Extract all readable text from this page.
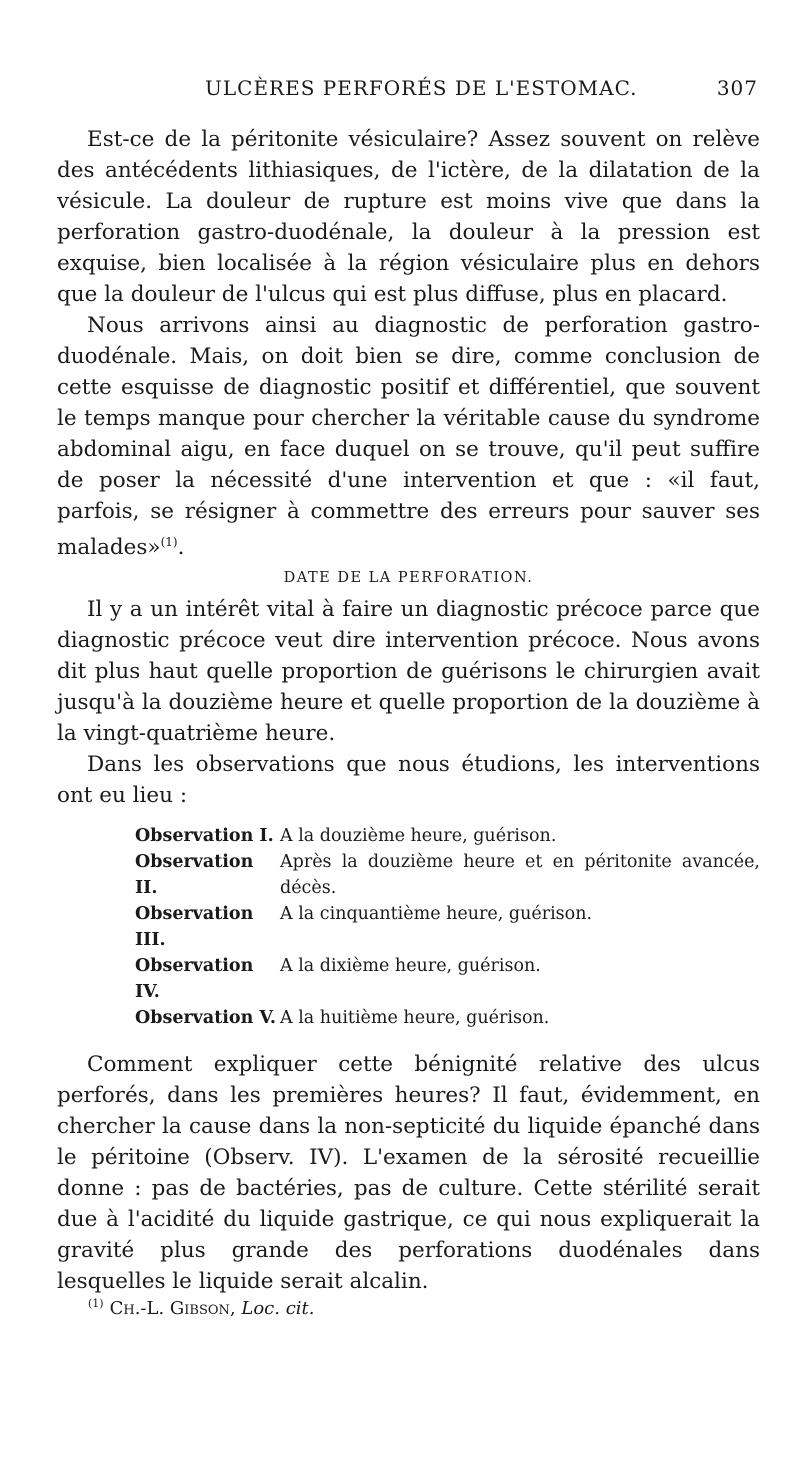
ULCÈRES PERFORÉS DE L'ESTOMAC.	307

Est-ce de la péritonite vésiculaire? Assez souvent on relève des antécédents lithiasiques, de l'ictère, de la dilatation de la vésicule. La douleur de rupture est moins vive que dans la perforation gastro-duodénale, la douleur à la pression est exquise, bien localisée à la région vésiculaire plus en dehors que la douleur de l'ulcus qui est plus diffuse, plus en placard.

Nous arrivons ainsi au diagnostic de perforation gastro-duodénale. Mais, on doit bien se dire, comme conclusion de cette esquisse de diagnostic positif et différentiel, que souvent le temps manque pour chercher la véritable cause du syndrome abdominal aigu, en face duquel on se trouve, qu'il peut suffire de poser la nécessité d'une intervention et que : «il faut, parfois, se résigner à commettre des erreurs pour sauver ses malades»$^{(1)}$.

DATE DE LA PERFORATION.

Il y a un intérêt vital à faire un diagnostic précoce parce que diagnostic précoce veut dire intervention précoce. Nous avons dit plus haut quelle proportion de guérisons le chirurgien avait jusqu'à la douzième heure et quelle proportion de la douzième à la vingt-quatrième heure.

Dans les observations que nous étudions, les interventions ont eu lieu :

Observation I. A la douzième heure, guérison.
Observation II.
Après la douzième heure et en péritonite avancée, décès.
Observation III.
A la cinquantième heure, guérison.
Observation IV.
A la dixième heure, guérison.
Observation V. A la huitième heure, guérison.

Comment expliquer cette bénignité relative des ulcus perforés, dans les premières heures? Il faut, évidemment, en chercher la cause dans la non-septicité du liquide épanché dans le péritoine (Observ. IV). L'examen de la sérosité recueillie donne : pas de bactéries, pas de culture. Cette stérilité serait due à l'acidité du liquide gastrique, ce qui nous expliquerait la gravité plus grande des perforations duodénales dans lesquelles le liquide serait alcalin.

$^{(1)}$ Ch.-L. Gibson, Loc. cit.
